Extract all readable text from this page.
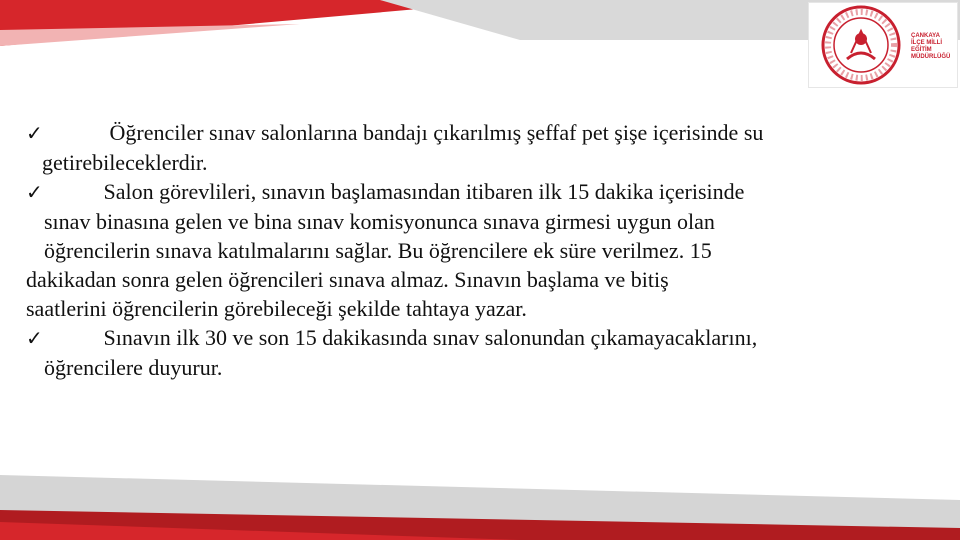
ÇANKAYA
İLÇE MİLLİ EĞİTİM
MÜDÜRLÜĞÜ
✓	Öğrenciler sınav salonlarına bandajı çıkarılmış şeffaf pet şişe içerisinde su
getirebileceklerdir.
✓	Salon görevlileri, sınavın başlamasından itibaren ilk 15 dakika içerisinde
sınav binasına gelen ve bina sınav komisyonunca sınava girmesi uygun olan
öğrencilerin sınava katılmalarını sağlar. Bu öğrencilere ek süre verilmez. 15
dakikadan sonra gelen öğrencileri sınava almaz. Sınavın başlama ve bitiş
saatlerini öğrencilerin görebileceği şekilde tahtaya yazar.
✓	Sınavın ilk 30 ve son 15 dakikasında sınav salonundan çıkamayacaklarını,
öğrencilere duyurur.
